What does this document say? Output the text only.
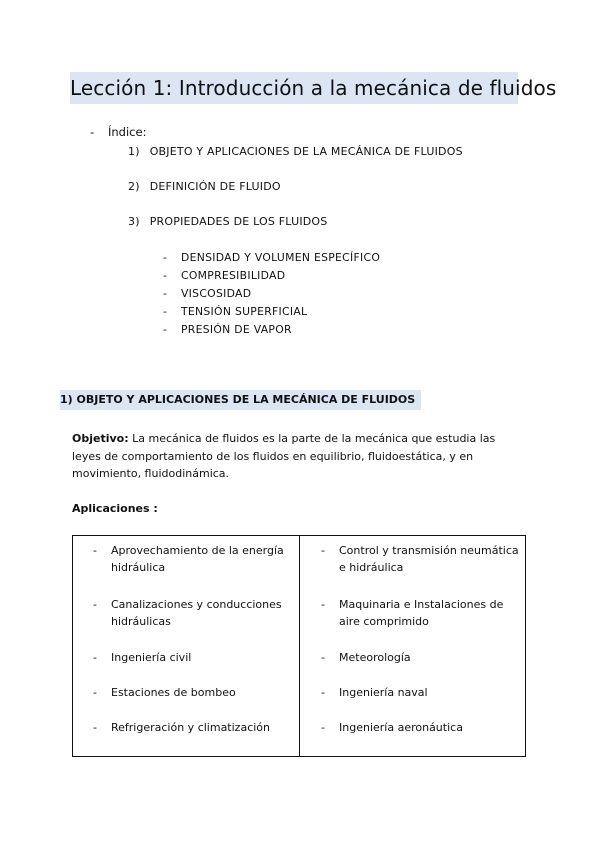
Lección 1: Introducción a la mecánica de fluidos
- Índice:
1) OBJETO Y APLICACIONES DE LA MECÁNICA DE FLUIDOS
2) DEFINICIÓN DE FLUIDO
3) PROPIEDADES DE LOS FLUIDOS
- DENSIDAD Y VOLUMEN ESPECÍFICO
- COMPRESIBILIDAD
- VISCOSIDAD
- TENSIÓN SUPERFICIAL
- PRESIÓN DE VAPOR
1) OBJETO Y APLICACIONES DE LA MECÁNICA DE FLUIDOS
Objetivo: La mecánica de fluidos es la parte de la mecánica que estudia las leyes de comportamiento de los fluidos en equilibrio, fluidoestática, y en movimiento, fluidodinámica.
Aplicaciones :
- Aprovechamiento de la energía hidráulica
- Canalizaciones y conducciones hidráulicas
- Ingeniería civil
- Estaciones de bombeo
- Refrigeración y climatización
- Control y transmisión neumática e hidráulica
- Maquinaria e Instalaciones de aire comprimido
- Meteorología
- Ingeniería naval
- Ingeniería aeronáutica
